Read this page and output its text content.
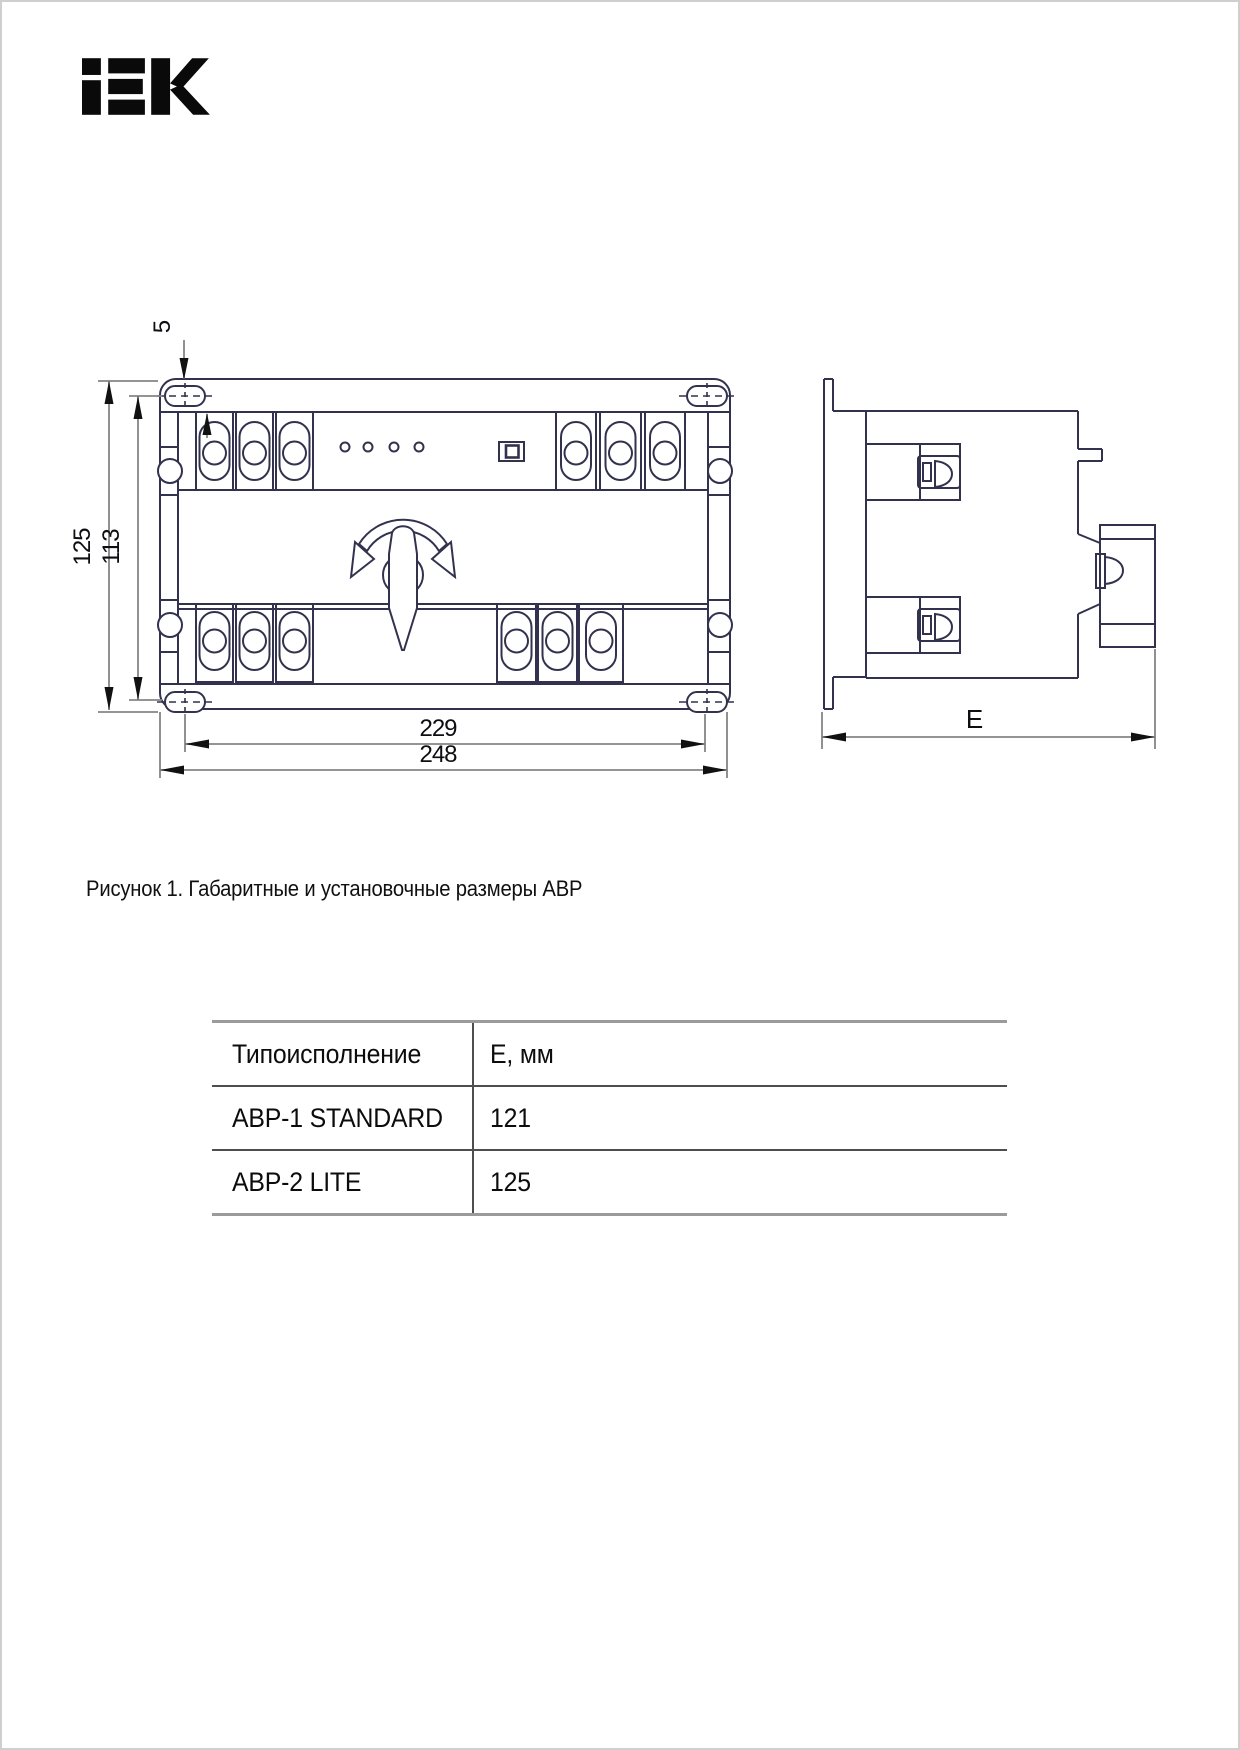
5
125 113
229
248
E
Рисунок 1. Габаритные и установочные размеры АВР
Типоисполнение	Е, мм
АВР-1 STANDARD	121
АВР-2 LITE	125
